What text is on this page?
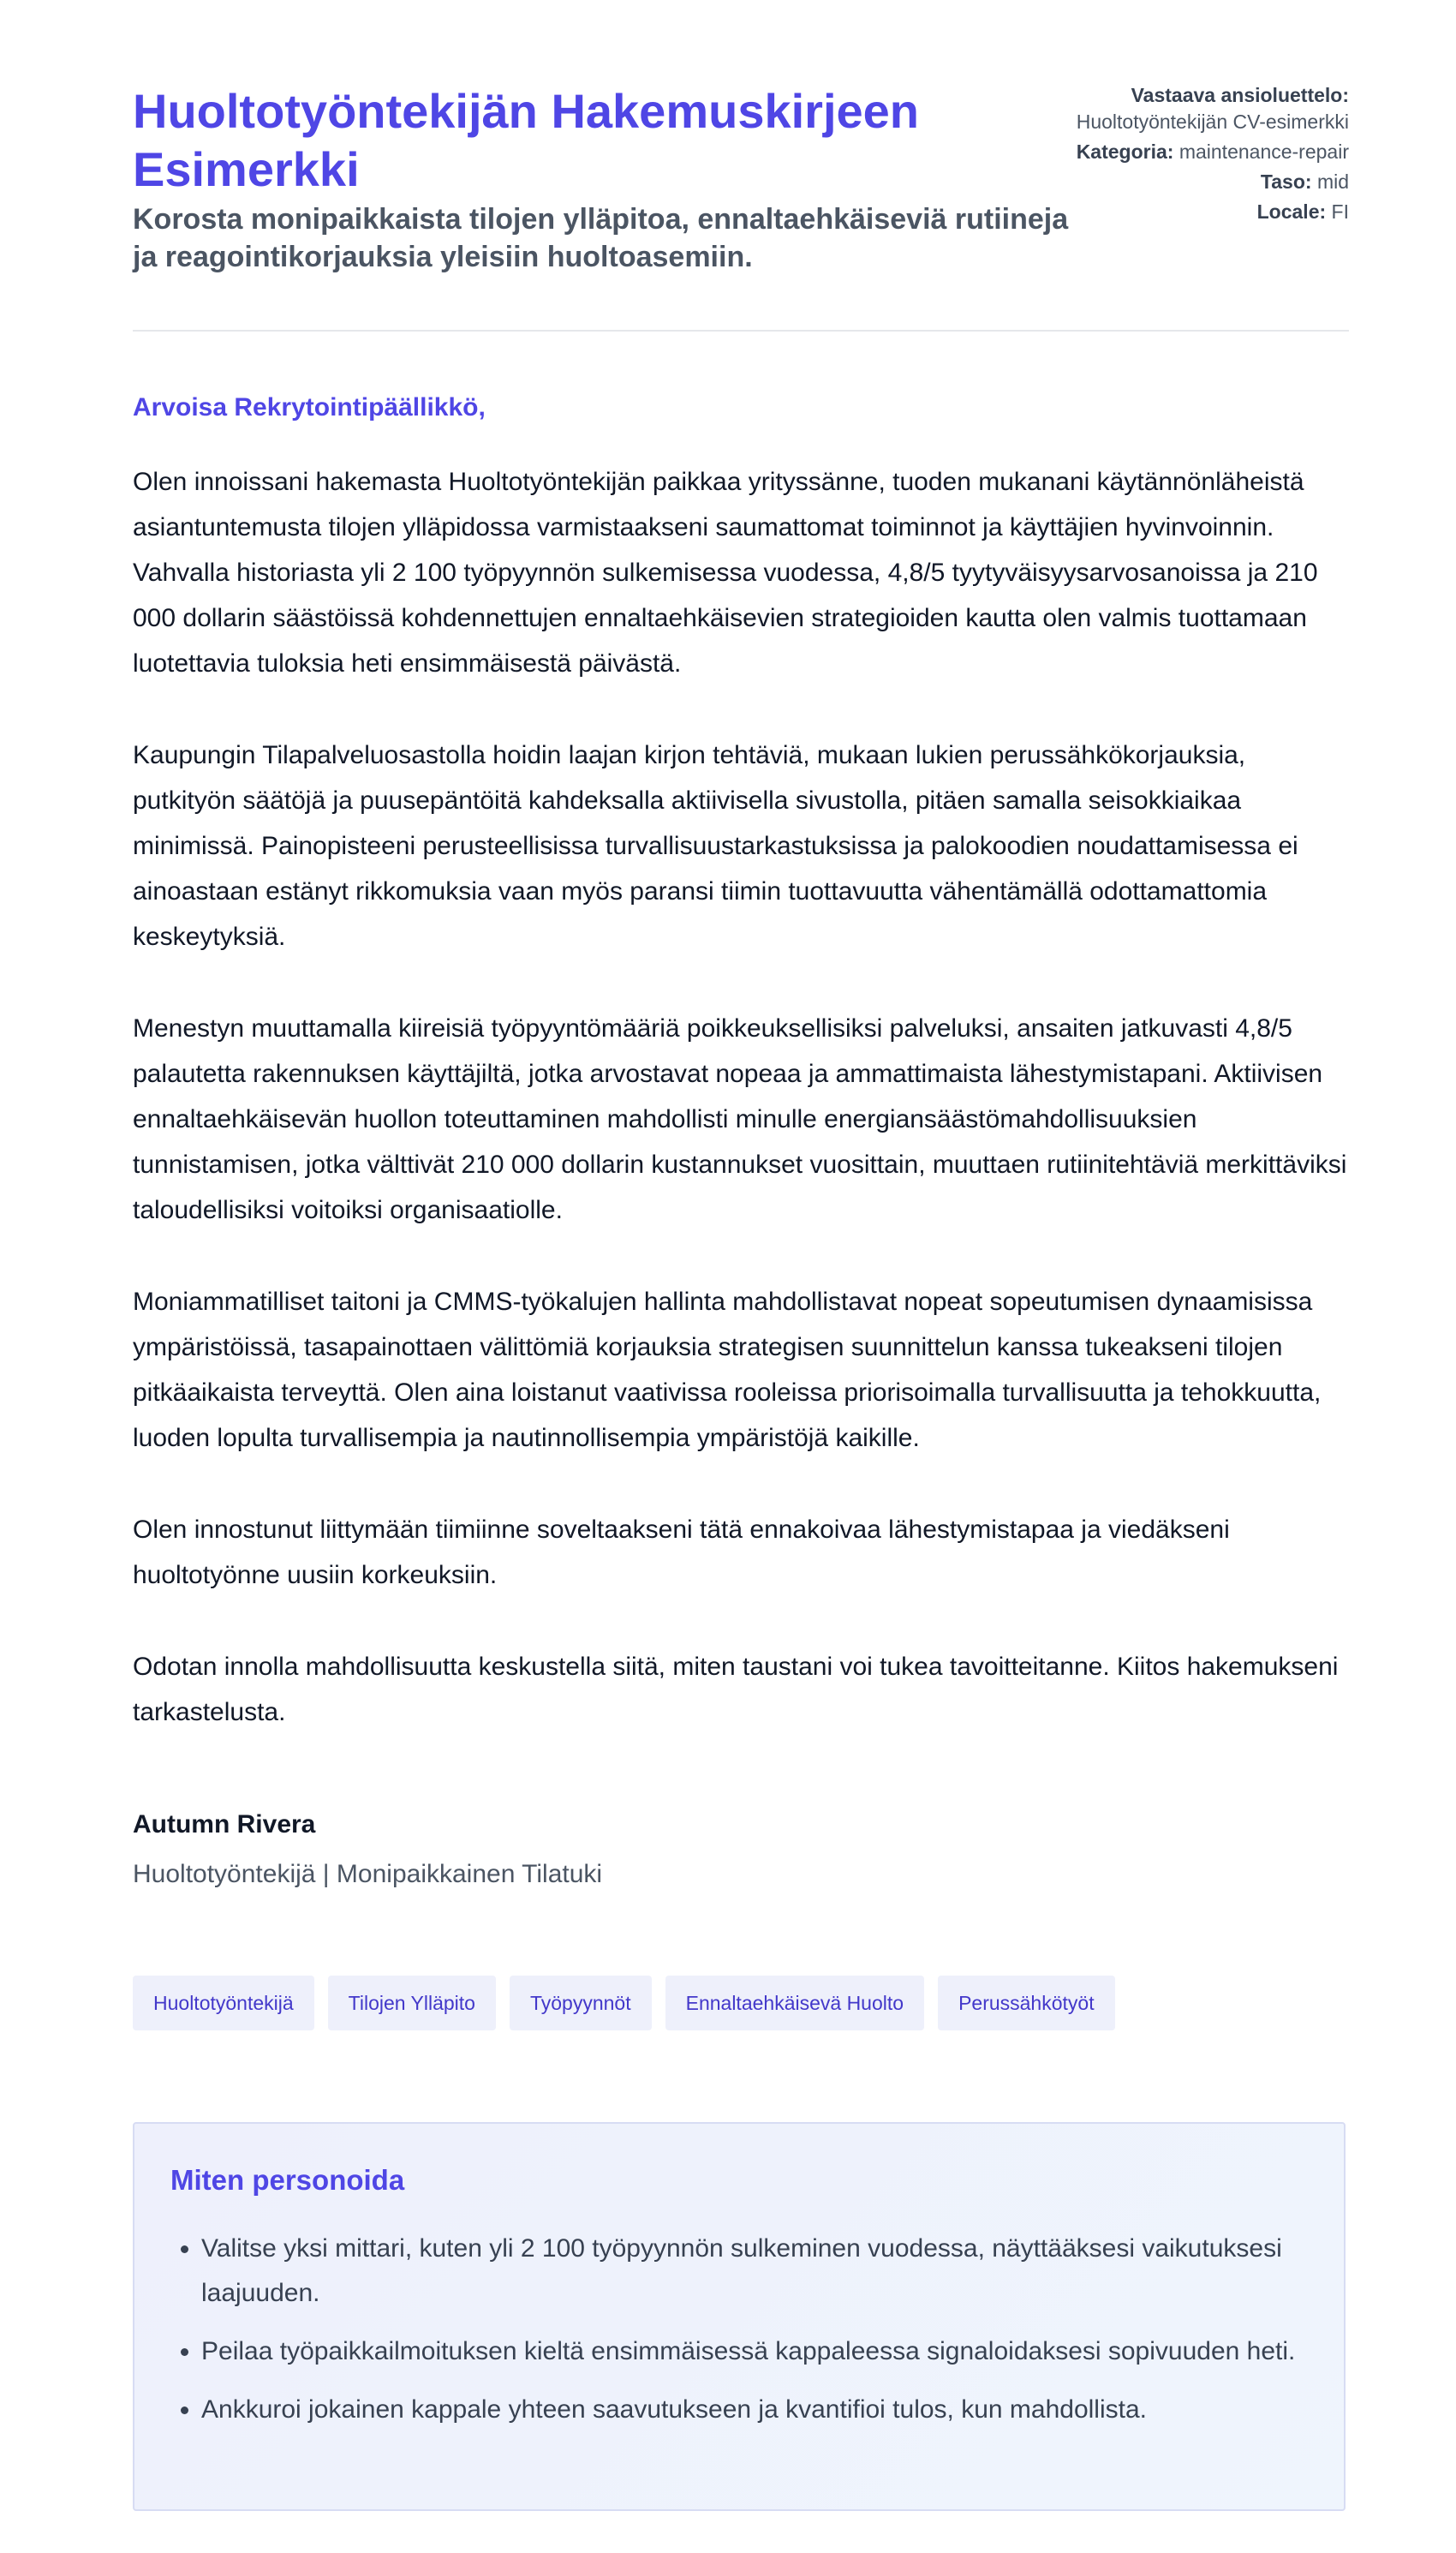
Huoltotyöntekijän Hakemuskirjeen Esimerkki
Korosta monipaikkaista tilojen ylläpitoa, ennaltaehkäiseviä rutiineja ja reagointikorjauksia yleisiin huoltoasemiin.
Vastaava ansioluettelo: Huoltotyöntekijän CV-esimerkki
Kategoria: maintenance-repair
Taso: mid
Locale: FI

Arvoisa Rekrytointipäällikkö,

Olen innoissani hakemasta Huoltotyöntekijän paikkaa yrityssänne, tuoden mukanani käytännönläheistä asiantuntemusta tilojen ylläpidossa varmistaakseni saumattomat toiminnot ja käyttäjien hyvinvoinnin. Vahvalla historiasta yli 2 100 työpyynnön sulkemisessa vuodessa, 4,8/5 tyytyväisyysarvosanoissa ja 210 000 dollarin säästöissä kohdennettujen ennaltaehkäisevien strategioiden kautta olen valmis tuottamaan luotettavia tuloksia heti ensimmäisestä päivästä.

Kaupungin Tilapalveluosastolla hoidin laajan kirjon tehtäviä, mukaan lukien perussähkökorjauksia, putkityön säätöjä ja puusepäntöitä kahdeksalla aktiivisella sivustolla, pitäen samalla seisokkiaikaa minimissä. Painopisteeni perusteellisissa turvallisuustarkastuksissa ja palokoodien noudattamisessa ei ainoastaan estänyt rikkomuksia vaan myös paransi tiimin tuottavuutta vähentämällä odottamattomia keskeytyksiä.

Menestyn muuttamalla kiireisiä työpyyntömääriä poikkeuksellisiksi palveluksi, ansaiten jatkuvasti 4,8/5 palautetta rakennuksen käyttäjiltä, jotka arvostavat nopeaa ja ammattimaista lähestymistapani. Aktiivisen ennaltaehkäisevän huollon toteuttaminen mahdollisti minulle energiansäästömahdollisuuksien tunnistamisen, jotka välttivät 210 000 dollarin kustannukset vuosittain, muuttaen rutiinitehtäviä merkittäviksi taloudellisiksi voitoiksi organisaatiolle.

Moniammatilliset taitoni ja CMMS-työkalujen hallinta mahdollistavat nopeat sopeutumisen dynaamisissa ympäristöissä, tasapainottaen välittömiä korjauksia strategisen suunnittelun kanssa tukeakseni tilojen pitkäaikaista terveyttä. Olen aina loistanut vaativissa rooleissa priorisoimalla turvallisuutta ja tehokkuutta, luoden lopulta turvallisempia ja nautinnollisempia ympäristöjä kaikille.

Olen innostunut liittymään tiimiinne soveltaakseni tätä ennakoivaa lähestymistapaa ja viedäkseni huoltotyönne uusiin korkeuksiin.

Odotan innolla mahdollisuutta keskustella siitä, miten taustani voi tukea tavoitteitanne. Kiitos hakemukseni tarkastelusta.

Autumn Rivera

Huoltotyöntekijä | Monipaikkainen Tilatuki

Huoltotyöntekijä	Tilojen Ylläpito	Työpyynnöt	Ennaltaehkäisevä Huolto	Perussähkötyöt
Miten personoida
• Valitse yksi mittari, kuten yli 2 100 työpyynnön sulkeminen vuodessa, näyttääksesi vaikutuksesi laajuuden.
• Peilaa työpaikkailmoituksen kieltä ensimmäisessä kappaleessa signaloidaksesi sopivuuden heti.
• Ankkuroi jokainen kappale yhteen saavutukseen ja kvantifioi tulos, kun mahdollista.
